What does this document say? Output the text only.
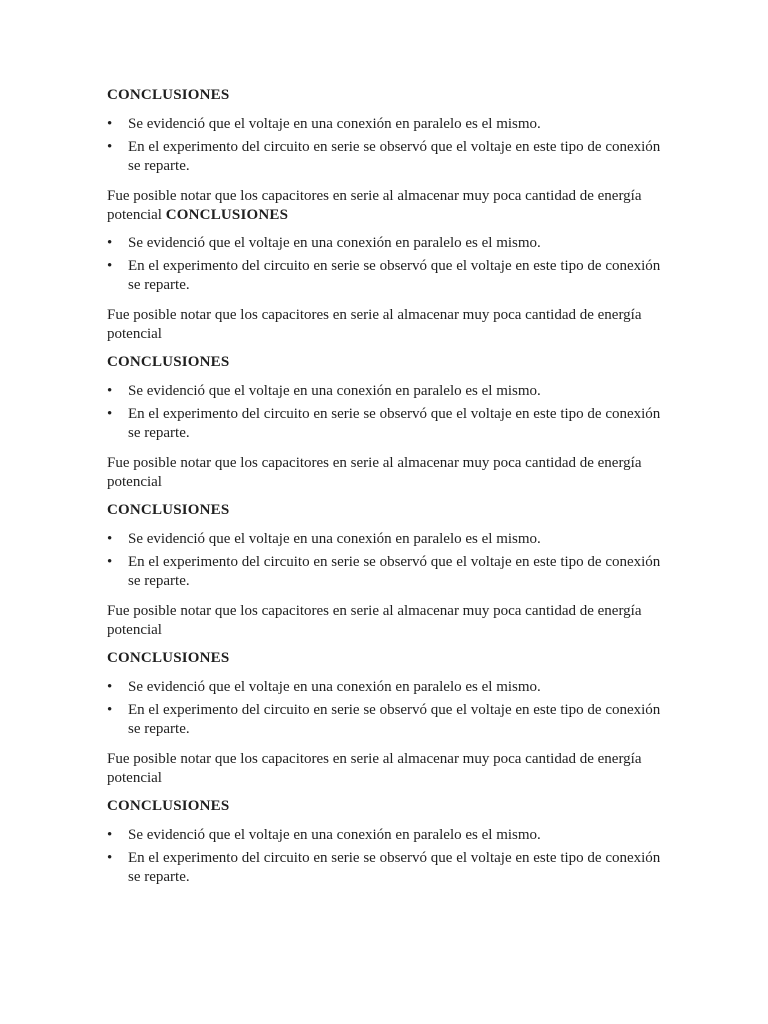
CONCLUSIONES
•	Se evidenció que el voltaje en una conexión en paralelo es el mismo.
•	En el experimento del circuito en serie se observó que el voltaje en este tipo de conexión se reparte.

Fue posible notar que los capacitores en serie al almacenar muy poca cantidad de energía potencial CONCLUSIONES

•	Se evidenció que el voltaje en una conexión en paralelo es el mismo.
•	En el experimento del circuito en serie se observó que el voltaje en este tipo de conexión se reparte.

Fue posible notar que los capacitores en serie al almacenar muy poca cantidad de energía potencial

CONCLUSIONES
•	Se evidenció que el voltaje en una conexión en paralelo es el mismo.
•	En el experimento del circuito en serie se observó que el voltaje en este tipo de conexión se reparte.

Fue posible notar que los capacitores en serie al almacenar muy poca cantidad de energía potencial

CONCLUSIONES
•	Se evidenció que el voltaje en una conexión en paralelo es el mismo.
•	En el experimento del circuito en serie se observó que el voltaje en este tipo de conexión se reparte.

Fue posible notar que los capacitores en serie al almacenar muy poca cantidad de energía potencial

CONCLUSIONES
•	Se evidenció que el voltaje en una conexión en paralelo es el mismo.
•	En el experimento del circuito en serie se observó que el voltaje en este tipo de conexión se reparte.

Fue posible notar que los capacitores en serie al almacenar muy poca cantidad de energía potencial

CONCLUSIONES
•	Se evidenció que el voltaje en una conexión en paralelo es el mismo.
•	En el experimento del circuito en serie se observó que el voltaje en este tipo de conexión se reparte.
